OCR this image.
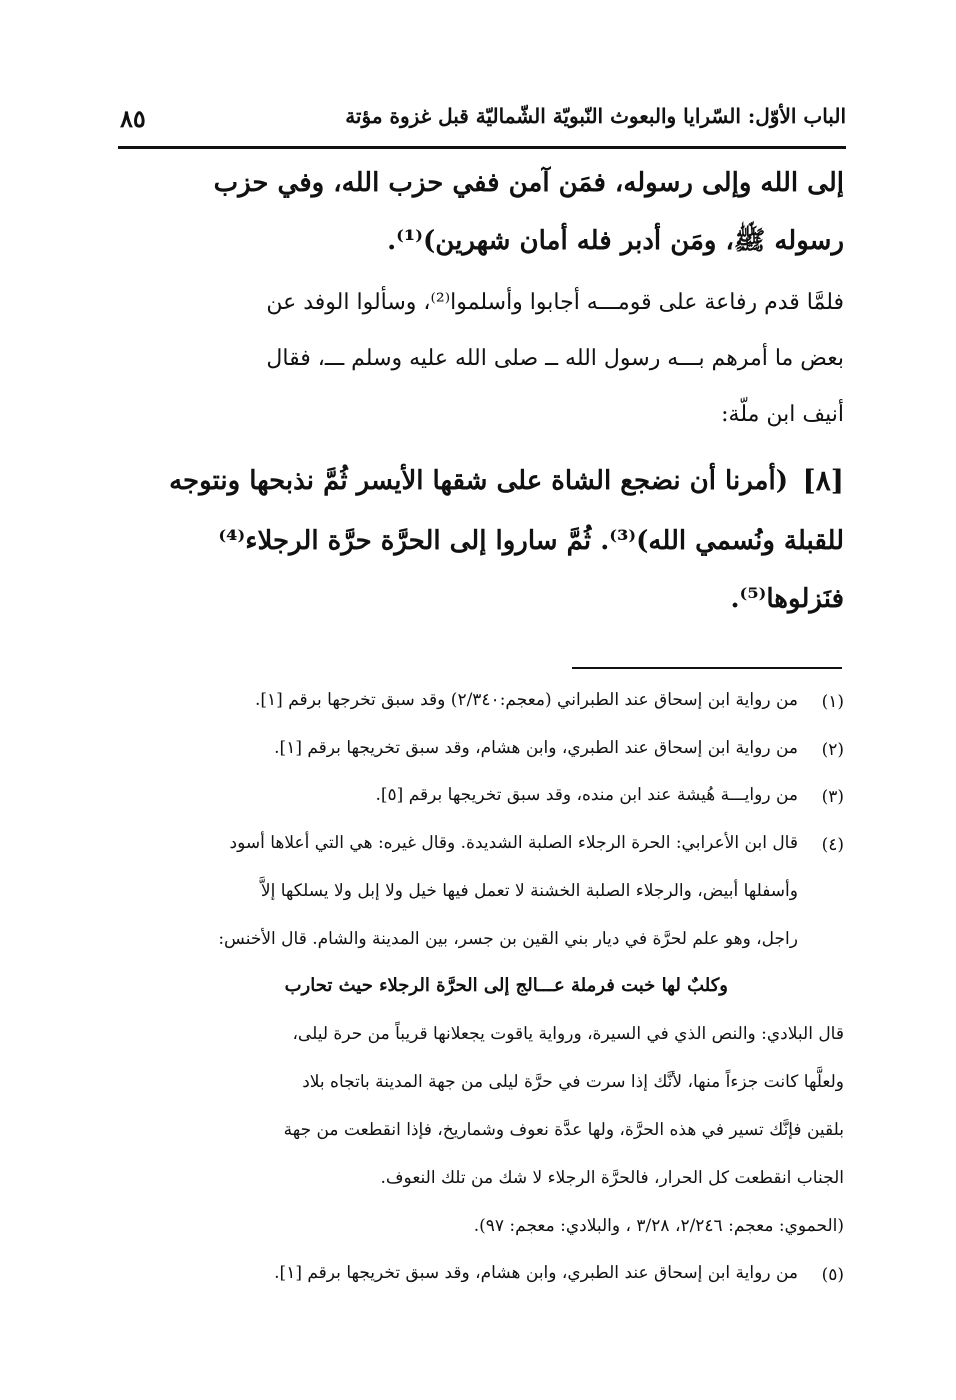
الباب الأوّل: السّرايا والبعوث النّبويّة الشّماليّة قبل غزوة مؤتة
٨٥
إلى الله وإلى رسوله، فمَن آمن ففي حزب الله، وفي حزب
رسوله ﷺ، ومَن أدبر فله أمان شهرين)⁽¹⁾.
فلمَّا قدم رفاعة على قومـــه أجابوا وأسلموا⁽²⁾، وسألوا الوفد عن
بعض ما أمرهم بـــه رسول الله ــ صلى الله عليه وسلم ـــ، فقال
أنيف ابن ملّة:
[٨]
(أمرنا أن نضجع الشاة على شقها الأيسر ثُمَّ نذبحها ونتوجه
للقبلة ونُسمي الله)⁽³⁾. ثُمَّ ساروا إلى الحرَّة حرَّة الرجلاء⁽⁴⁾
فنَزلوها⁽⁵⁾.
(١)
من رواية ابن إسحاق عند الطبراني (معجم:٢/٣٤٠) وقد سبق تخرجها برقم [١].
(٢)
من رواية ابن إسحاق عند الطبري، وابن هشام، وقد سبق تخريجها برقم [١].
(٣)
من روايـــة هُيشة عند ابن منده، وقد سبق تخريجها برقم [٥].
(٤)
قال ابن الأعرابي: الحرة الرجلاء الصلبة الشديدة. وقال غيره: هي التي أعلاها أسود
وأسفلها أبيض، والرجلاء الصلبة الخشنة لا تعمل فيها خيل ولا إبل ولا يسلكها إلاَّ
راجل، وهو علم لحرَّة في ديار بني القين بن جسر، بين المدينة والشام. قال الأخنس:
وكلبٌ لها خبت فرملة عـــالج إلى الحرَّة الرجلاء حيث تحارب
قال البلادي: والنص الذي في السيرة، ورواية ياقوت يجعلانها قريباً من حرة ليلى،
ولعلَّها كانت جزءاً منها، لأنَّك إذا سرت في حرَّة ليلى من جهة المدينة باتجاه بلاد
بلقين فإنَّك تسير في هذه الحرَّة، ولها عدَّة نعوف وشماريخ، فإذا انقطعت من جهة
الجناب انقطعت كل الحرار، فالحرَّة الرجلاء لا شك من تلك النعوف.
(الحموي: معجم: ٢/٢٤٦، ٣/٢٨ ، والبلادي: معجم: ٩٧).
(٥)
من رواية ابن إسحاق عند الطبري، وابن هشام، وقد سبق تخريجها برقم [١].
